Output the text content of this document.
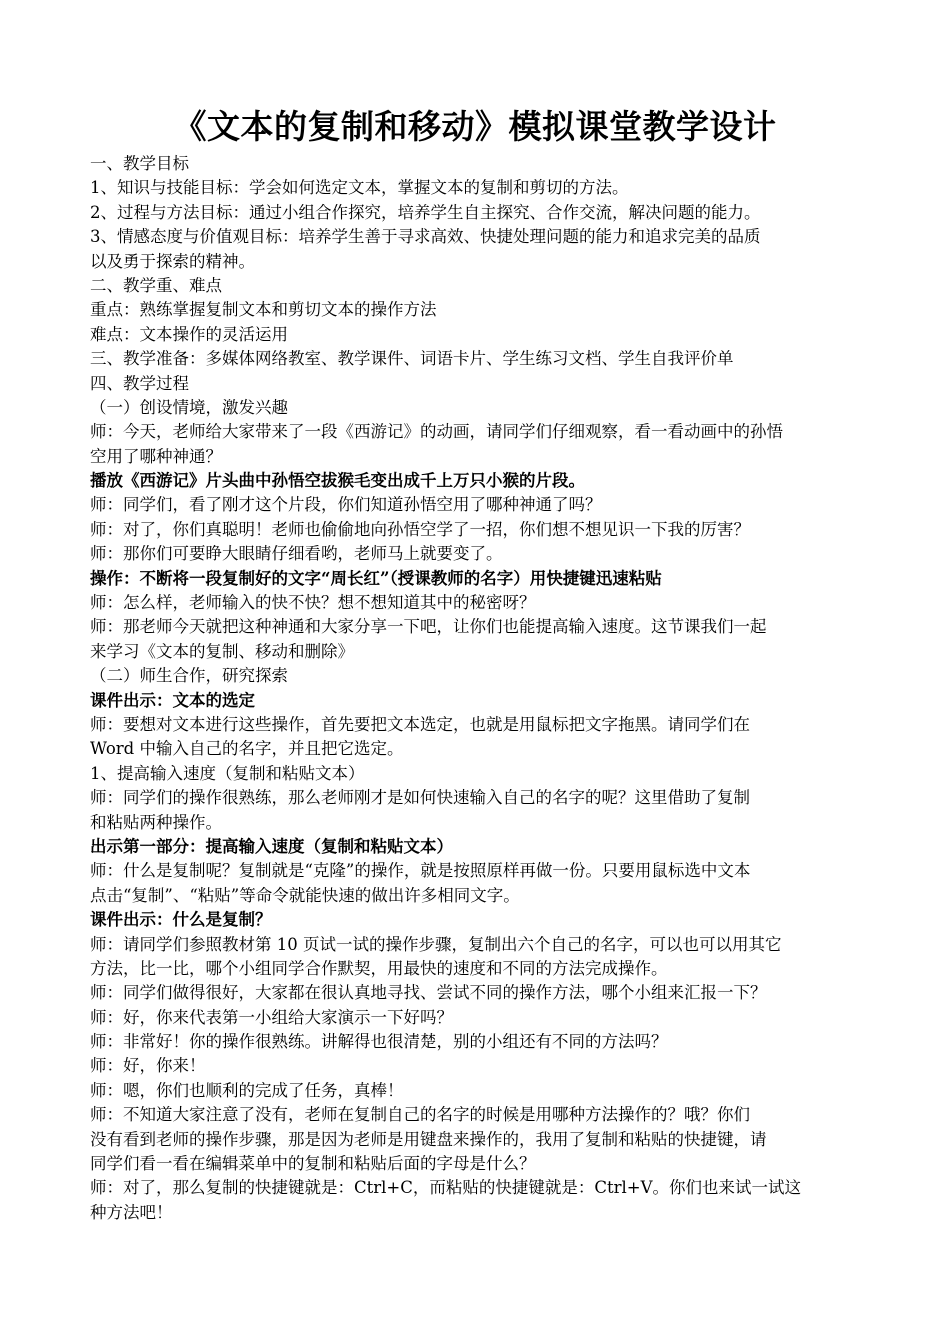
《文本的复制和移动》模拟课堂教学设计
一、教学目标
1、知识与技能目标：学会如何选定文本，掌握文本的复制和剪切的方法。
2、过程与方法目标：通过小组合作探究，培养学生自主探究、合作交流，解决问题的能力。
3、情感态度与价值观目标：培养学生善于寻求高效、快捷处理问题的能力和追求完美的品质
以及勇于探索的精神。
二、教学重、难点
重点：熟练掌握复制文本和剪切文本的操作方法
难点：文本操作的灵活运用
三、教学准备：多媒体网络教室、教学课件、词语卡片、学生练习文档、学生自我评价单
四、教学过程
（一）创设情境，激发兴趣
师：今天，老师给大家带来了一段《西游记》的动画，请同学们仔细观察，看一看动画中的孙悟
空用了哪种神通？
播放《西游记》片头曲中孙悟空拔猴毛变出成千上万只小猴的片段。
师：同学们，看了刚才这个片段，你们知道孙悟空用了哪种神通了吗？
师：对了，你们真聪明！老师也偷偷地向孙悟空学了一招，你们想不想见识一下我的厉害？
师：那你们可要睁大眼睛仔细看哟，老师马上就要变了。
操作：不断将一段复制好的文字“周长红”（授课教师的名字）用快捷键迅速粘贴
师：怎么样，老师输入的快不快？想不想知道其中的秘密呀？
师：那老师今天就把这种神通和大家分享一下吧，让你们也能提高输入速度。这节课我们一起
来学习《文本的复制、移动和删除》
（二）师生合作，研究探索
课件出示：文本的选定
师：要想对文本进行这些操作，首先要把文本选定，也就是用鼠标把文字拖黑。请同学们在
Word 中输入自己的名字，并且把它选定。
1、提高输入速度（复制和粘贴文本）
师：同学们的操作很熟练，那么老师刚才是如何快速输入自己的名字的呢？这里借助了复制
和粘贴两种操作。
出示第一部分：提高输入速度（复制和粘贴文本）
师：什么是复制呢？复制就是“克隆”的操作，就是按照原样再做一份。只要用鼠标选中文本
点击“复制”、“粘贴”等命令就能快速的做出许多相同文字。
课件出示：什么是复制？
师：请同学们参照教材第 10 页试一试的操作步骤，复制出六个自己的名字，可以也可以用其它
方法，比一比，哪个小组同学合作默契，用最快的速度和不同的方法完成操作。
师：同学们做得很好，大家都在很认真地寻找、尝试不同的操作方法，哪个小组来汇报一下？
师：好，你来代表第一小组给大家演示一下好吗？
师：非常好！你的操作很熟练。讲解得也很清楚，别的小组还有不同的方法吗？
师：好，你来！
师：嗯，你们也顺利的完成了任务，真棒！
师：不知道大家注意了没有，老师在复制自己的名字的时候是用哪种方法操作的？哦？你们
没有看到老师的操作步骤，那是因为老师是用键盘来操作的，我用了复制和粘贴的快捷键，请
同学们看一看在编辑菜单中的复制和粘贴后面的字母是什么？
师：对了，那么复制的快捷键就是：Ctrl+C，而粘贴的快捷键就是：Ctrl+V。你们也来试一试这
种方法吧！
